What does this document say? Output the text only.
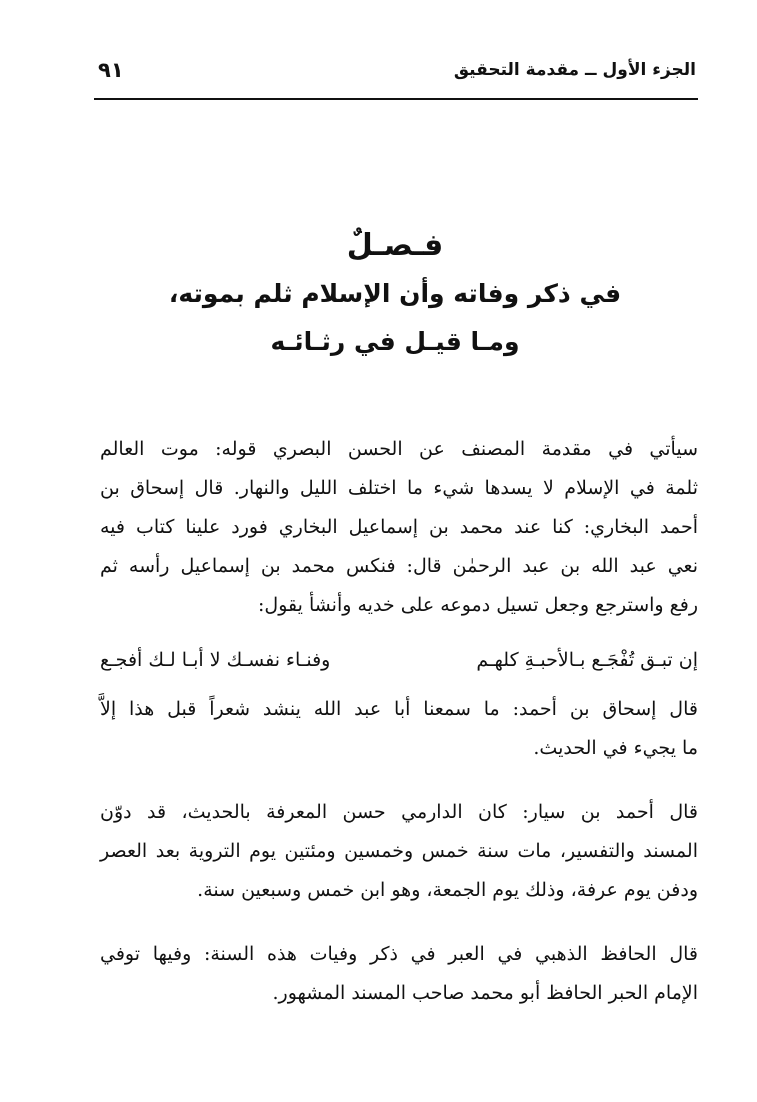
الجزء الأول ــ مقدمة التحقيق
٩١
فـصـلٌ
في ذكر وفاته وأن الإسلام ثلم بموته،
ومـا قيـل في رثـائـه
سيأتي في مقدمة المصنف عن الحسن البصري قوله: موت العالم
ثلمة في الإسلام لا يسدها شيء ما اختلف الليل والنهار. قال إسحاق بن
أحمد البخاري: كنا عند محمد بن إسماعيل البخاري فورد علينا كتاب فيه
نعي عبد الله بن عبد الرحمٰن قال: فنكس محمد بن إسماعيل رأسه ثم
رفع واسترجع وجعل تسيل دموعه على خديه وأنشأ يقول:
إن تبـق تُفْجَـع بـالأحبـةِ كلهـم
وفنـاء نفسـك لا أبـا لـك أفجـع
قال إسحاق بن أحمد: ما سمعنا أبا عبد الله ينشد شعراً قبل هذا إلاَّ
ما يجيء في الحديث.
قال أحمد بن سيار: كان الدارمي حسن المعرفة بالحديث، قد دوّن
المسند والتفسير، مات سنة خمس وخمسين ومئتين يوم التروية بعد العصر
ودفن يوم عرفة، وذلك يوم الجمعة، وهو ابن خمس وسبعين سنة.
قال الحافظ الذهبي في العبر في ذكر وفيات هذه السنة: وفيها توفي
الإمام الحبر الحافظ أبو محمد صاحب المسند المشهور.
